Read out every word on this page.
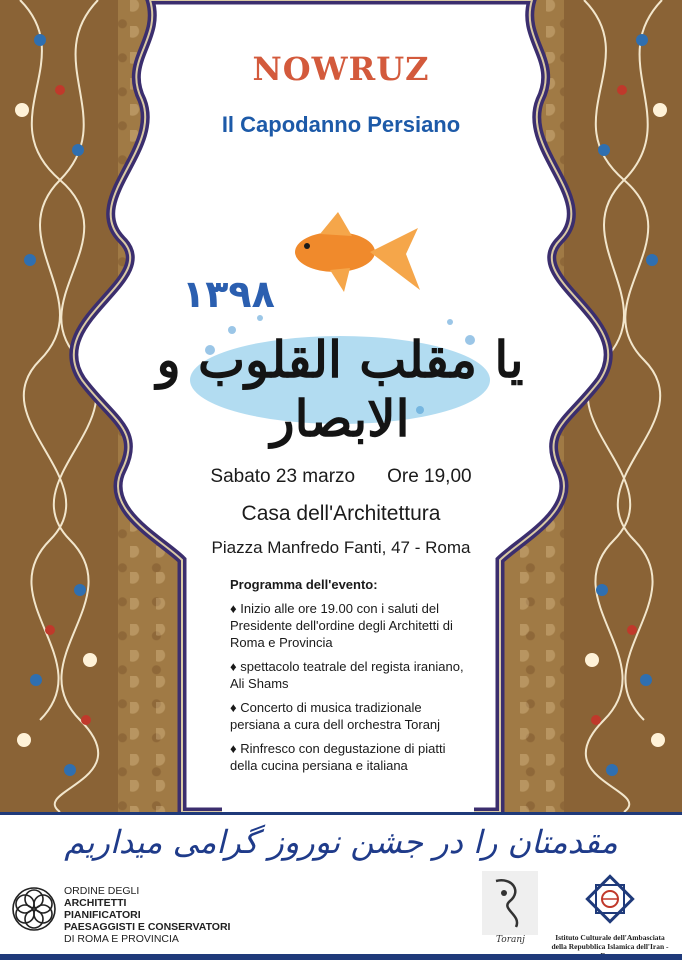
NOWRUZ
Il Capodanno Persiano
١٣٩٨
یا مقلب القلوب و الابصار
Sabato 23 marzo Ore 19,00
Casa dell'Architettura
Piazza Manfredo Fanti, 47 - Roma
Programma dell'evento:
♦ Inizio alle ore 19.00 con i saluti del Presidente dell'ordine degli Architetti di Roma e Provincia
♦ spettacolo teatrale del regista iraniano, Ali Shams
♦ Concerto di musica tradizionale persiana a cura dell orchestra Toranj
♦ Rinfresco con degustazione di piatti della cucina persiana e italiana
مقدمتان را در جشن نوروز گرامی میداریم
ORDINE DEGLI
ARCHITETTI
PIANIFICATORI
PAESAGGISTI E CONSERVATORI
DI ROMA E PROVINCIA	Toranj	Istituto Culturale dell'Ambasciata
della Repubblica Islamica dell'Iran -
